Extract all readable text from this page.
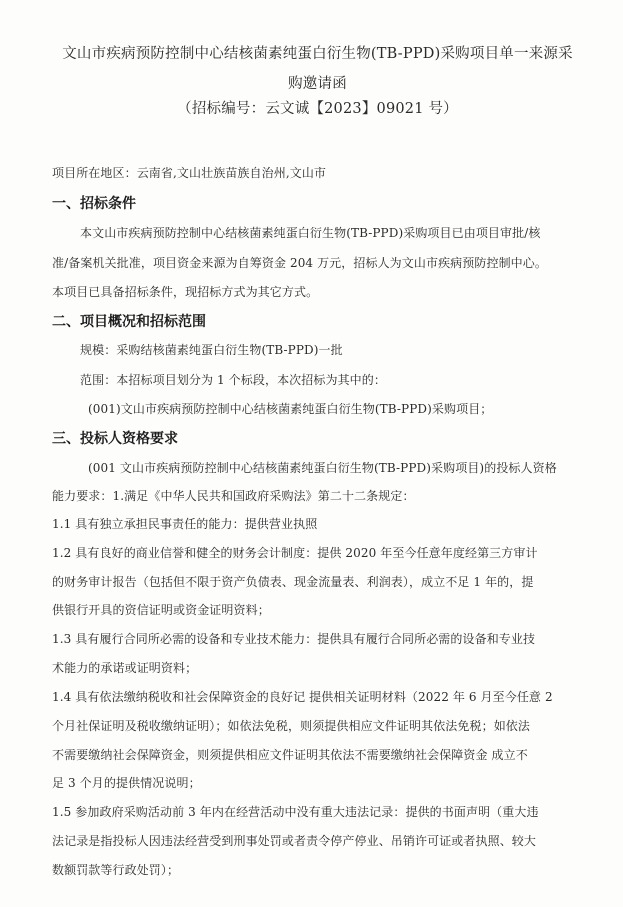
文山市疾病预防控制中心结核菌素纯蛋白衍生物(TB-PPD)采购项目单一来源采
购邀请函
（招标编号：云文诚【2023】09021 号）
项目所在地区：云南省,文山壮族苗族自治州,文山市
一、招标条件
本文山市疾病预防控制中心结核菌素纯蛋白衍生物(TB-PPD)采购项目已由项目审批/核
准/备案机关批准，项目资金来源为自筹资金 204 万元，招标人为文山市疾病预防控制中心。
本项目已具备招标条件，现招标方式为其它方式。
二、项目概况和招标范围
规模：采购结核菌素纯蛋白衍生物(TB-PPD)一批
范围：本招标项目划分为 1 个标段，本次招标为其中的：
(001)文山市疾病预防控制中心结核菌素纯蛋白衍生物(TB-PPD)采购项目；
三、投标人资格要求
(001 文山市疾病预防控制中心结核菌素纯蛋白衍生物(TB-PPD)采购项目)的投标人资格
能力要求：1.满足《中华人民共和国政府采购法》第二十二条规定：
1.1 具有独立承担民事责任的能力：提供营业执照
1.2 具有良好的商业信誉和健全的财务会计制度：提供 2020 年至今任意年度经第三方审计
的财务审计报告（包括但不限于资产负债表、现金流量表、利润表），成立不足 1 年的，提
供银行开具的资信证明或资金证明资料；
1.3 具有履行合同所必需的设备和专业技术能力：提供具有履行合同所必需的设备和专业技
术能力的承诺或证明资料；
1.4 具有依法缴纳税收和社会保障资金的良好记 提供相关证明材料（2022 年 6 月至今任意 2
个月社保证明及税收缴纳证明）；如依法免税，则须提供相应文件证明其依法免税；如依法
不需要缴纳社会保障资金，则须提供相应文件证明其依法不需要缴纳社会保障资金 成立不
足 3 个月的提供情况说明；
1.5 参加政府采购活动前 3 年内在经营活动中没有重大违法记录：提供的书面声明（重大违
法记录是指投标人因违法经营受到刑事处罚或者责令停产停业、吊销许可证或者执照、较大
数额罚款等行政处罚）；
